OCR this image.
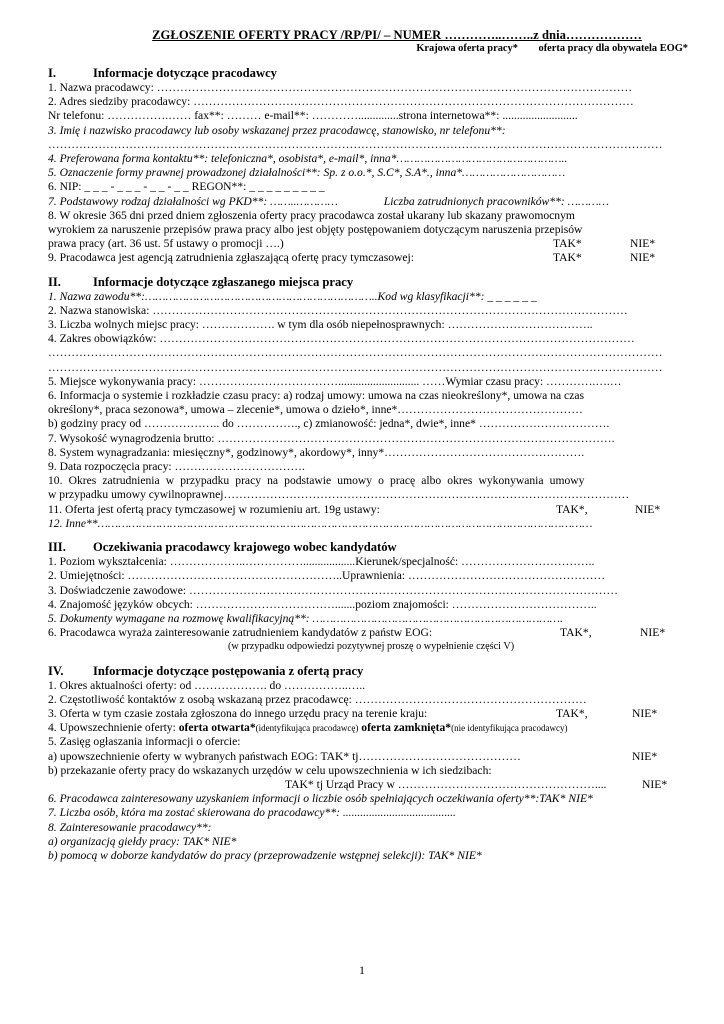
ZGŁOSZENIE OFERTY PRACY /RP/PI/ – NUMER …………..……..z dnia………………
Krajowa oferta pracy* oferta pracy dla obywatela EOG*
I.	Informacje dotyczące pracodawcy
1. Nazwa pracodawcy: ……………………………………………………………………………………………………………
2. Adres siedziby pracodawcy: ……………………………………………………………………………………………………
Nr telefonu: …………….…… fax**: ……… e-mail**: …………..............strona internetowa**: ..........................
3. Imię i nazwisko pracodawcy lub osoby wskazanej przez pracodawcę, stanowisko, nr telefonu**:
……………………………………………………………………………………………………………………………………………
4. Preferowana forma kontaktu**: telefoniczna*, osobista*, e-mail*, inna*…………………………………………..
5. Oznaczenie formy prawnej prowadzonej działalności**: Sp. z o.o.*, S.C*, S.A*., inna*…………………………
6. NIP: _ _ _ - _ _ _ - _ _ - _ _ REGON**: _ _ _ _ _ _ _ _ _
7. Podstawowy rodzaj działalności wg PKD**: ……..…………	Liczba zatrudnionych pracowników**: …………
8. W okresie 365 dni przed dniem zgłoszenia oferty pracy pracodawca został ukarany lub skazany prawomocnym
wyrokiem za naruszenie przepisów prawa pracy albo jest objęty postępowaniem dotyczącym naruszenia przepisów
prawa pracy (art. 36 ust. 5f ustawy o promocji ….)	TAK*	NIE*
9. Pracodawca jest agencją zatrudnienia zgłaszającą ofertę pracy tymczasowej:	TAK*	NIE*
II.	Informacje dotyczące zgłaszanego miejsca pracy
1. Nazwa zawodu**:…………………………………………………………..Kod wg klasyfikacji**: _ _ _ _ _ _
2. Nazwa stanowiska: ……………………………………………………………………………………………………………
3. Liczba wolnych miejsc pracy: ………………. w tym dla osób niepełnosprawnych: ………………………………..
4. Zakres obowiązków: ……………………………………………………………………………………………………………
……………………………………………………………………………………………………………………………………………
……………………………………………………………………………………………………………………………………………
5. Miejsce wykonywania pracy: ………………………………............................ ……Wymiar czasu pracy: ………….….…
6. Informacja o systemie i rozkładzie czasu pracy: a) rodzaj umowy: umowa na czas nieokreślony*, umowa na czas
określony*, praca sezonowa*, umowa – zlecenie*, umowa o dzieło*, inne*…………………………………………
b) godziny pracy od ……………….. do ……………., c) zmianowość: jedna*, dwie*, inne* …………………………….
7. Wysokość wynagrodzenia brutto: ………………………………………………………………………………………….
8. System wynagradzania: miesięczny*, godzinowy*, akordowy*, inny*…………………………………………….
9. Data rozpoczęcia pracy: …………………………….
10. Okres zatrudnienia w przypadku pracy na podstawie umowy o pracę albo okres wykonywania umowy
w przypadku umowy cywilnoprawnej……………………………………………………………………………………………
11. Oferta jest ofertą pracy tymczasowej w rozumieniu art. 19g ustawy:	TAK*,	NIE*
12. Inne**………………………………………………………………………………………………………………………………
III.	Oczekiwania pracodawcy krajowego wobec kandydatów
1. Poziom wykształcenia: ………………..……………..................Kierunek/specjalność: ……………………………..
2. Umiejętności: ………………………………………………..Uprawnienia: ……………………………………………
3. Doświadczenie zawodowe: …………………………………………………………………………………………………
4. Znajomość języków obcych: ……………………………….......poziom znajomości: ………………………………..
5. Dokumenty wymagane na rozmowę kwalifikacyjną**: ……………………………………………………………….
6. Pracodawca wyraża zainteresowanie zatrudnieniem kandydatów z państw EOG:	TAK*,	NIE*
(w przypadku odpowiedzi pozytywnej proszę o wypełnienie części V)
IV.	Informacje dotyczące postępowania z ofertą pracy
1. Okres aktualności oferty: od ………………. do ……………..…..
2. Częstotliwość kontaktów z osobą wskazaną przez pracodawcę: ……………………………………………………
3. Oferta w tym czasie została zgłoszona do innego urzędu pracy na terenie kraju:	TAK*,	NIE*
4. Upowszechnienie oferty: oferta otwarta*(identyfikująca pracodawcę) oferta zamknięta*(nie identyfikująca pracodawcy)
5. Zasięg ogłaszania informacji o ofercie:
a) upowszechnienie oferty w wybranych państwach EOG: TAK* tj……………………………………	NIE*
b) przekazanie oferty pracy do wskazanych urzędów w celu upowszechnienia w ich siedzibach:
TAK* tj Urząd Pracy w ……………………………………………....	NIE*
6. Pracodawca zainteresowany uzyskaniem informacji o liczbie osób spełniających oczekiwania oferty**:TAK* NIE*
7. Liczba osób, która ma zostać skierowana do pracodawcy**: .......................................
8. Zainteresowanie pracodawcy**:
a) organizacją giełdy pracy: TAK* NIE*
b) pomocą w doborze kandydatów do pracy (przeprowadzenie wstępnej selekcji): TAK* NIE*
1
